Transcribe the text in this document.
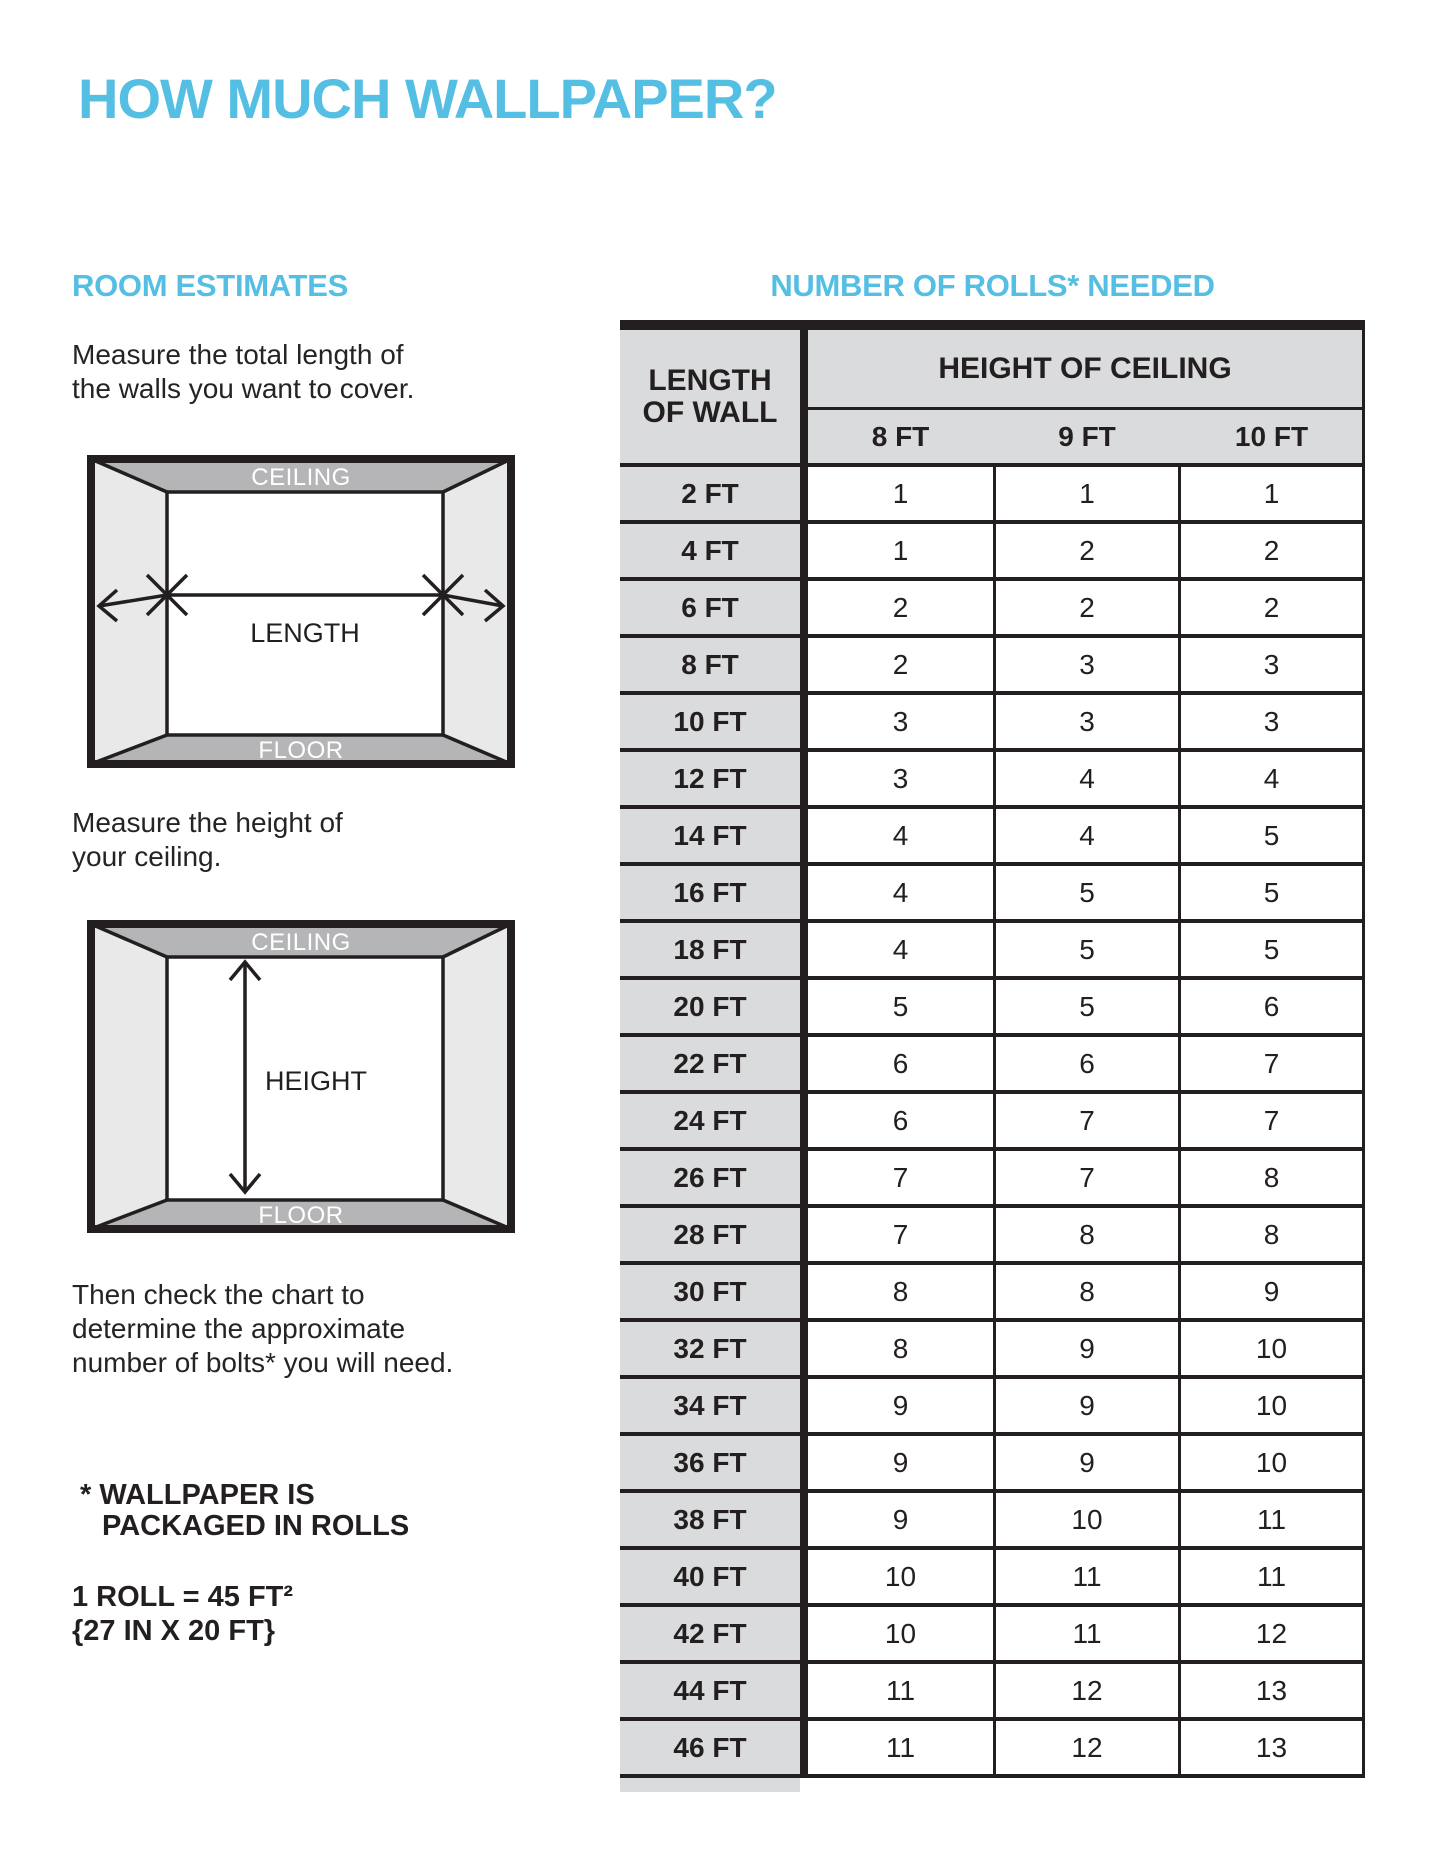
HOW MUCH WALLPAPER?
ROOM ESTIMATES	NUMBER OF ROLLS* NEEDED
Measure the total length of
the walls you want to cover.
CEILING
FLOOR
LENGTH
Measure the height of
your ceiling.
CEILING
FLOOR
HEIGHT
Then check the chart to
determine the approximate
number of bolts* you will need.
* WALLPAPER IS
PACKAGED IN ROLLS
1 ROLL = 45 FT²
{27 IN X 20 FT}
LENGTH
OF WALL
HEIGHT OF CEILING
8 FT	9 FT	10 FT
2 FT	1	1	1
4 FT	1	2	2
6 FT	2	2	2
8 FT	2	3	3
10 FT	3	3	3
12 FT	3	4	4
14 FT	4	4	5
16 FT	4	5	5
18 FT	4	5	5
20 FT	5	5	6
22 FT	6	6	7
24 FT	6	7	7
26 FT	7	7	8
28 FT	7	8	8
30 FT	8	8	9
32 FT	8	9	10
34 FT	9	9	10
36 FT	9	9	10
38 FT	9	10	11
40 FT	10	11	11
42 FT	10	11	12
44 FT	11	12	13
46 FT	11	12	13
